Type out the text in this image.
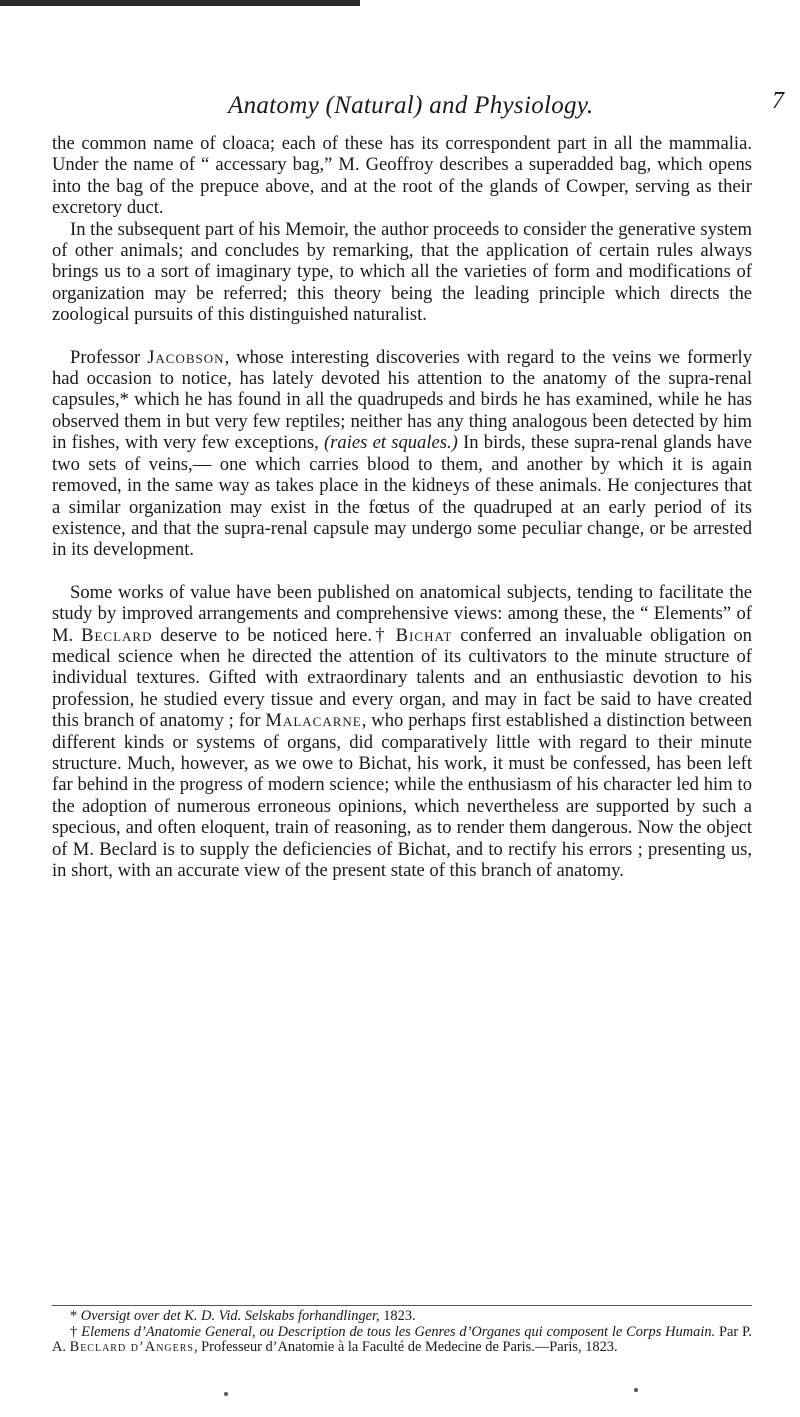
Anatomy (Natural) and Physiology.	7

the common name of cloaca; each of these has its correspondent part in all the mammalia. Under the name of “ accessary bag,” M. Geoffroy describes a superadded bag, which opens into the bag of the prepuce above, and at the root of the glands of Cowper, serving as their excretory duct.

In the subsequent part of his Memoir, the author proceeds to consider the generative system of other animals; and concludes by remarking, that the application of certain rules always brings us to a sort of imaginary type, to which all the varieties of form and modifications of organization may be referred; this theory being the leading principle which directs the zoological pursuits of this distinguished naturalist.

Professor Jacobson, whose interesting discoveries with regard to the veins we formerly had occasion to notice, has lately devoted his attention to the anatomy of the supra-renal capsules,* which he has found in all the quadrupeds and birds he has examined, while he has observed them in but very few reptiles; neither has any thing analogous been detected by him in fishes, with very few exceptions, (raies et squales.) In birds, these supra-renal glands have two sets of veins,— one which carries blood to them, and another by which it is again removed, in the same way as takes place in the kidneys of these animals. He conjectures that a similar organization may exist in the fœtus of the quadruped at an early period of its existence, and that the supra-renal capsule may undergo some peculiar change, or be arrested in its development.

Some works of value have been published on anatomical subjects, tending to facilitate the study by improved arrangements and comprehensive views: among these, the “ Elements” of M. Beclard deserve to be noticed here.† Bichat conferred an invaluable obligation on medical science when he directed the attention of its cultivators to the minute structure of individual textures. Gifted with extraordinary talents and an enthusiastic devotion to his profession, he studied every tissue and every organ, and may in fact be said to have created this branch of anatomy ; for Malacarne, who perhaps first established a distinction between different kinds or systems of organs, did comparatively little with regard to their minute structure. Much, however, as we owe to Bichat, his work, it must be confessed, has been left far behind in the progress of modern science; while the enthusiasm of his character led him to the adoption of numerous erroneous opinions, which nevertheless are supported by such a specious, and often eloquent, train of reasoning, as to render them dangerous. Now the object of M. Beclard is to supply the deficiencies of Bichat, and to rectify his errors ; presenting us, in short, with an accurate view of the present state of this branch of anatomy.

* Oversigt over det K. D. Vid. Selskabs forhandlinger, 1823.

† Elemens d’Anatomie General, ou Description de tous les Genres d’Organes qui composent le Corps Humain. Par P. A. Beclard d’Angers, Professeur d’Anatomie à la Faculté de Medecine de Paris.—Paris, 1823.
